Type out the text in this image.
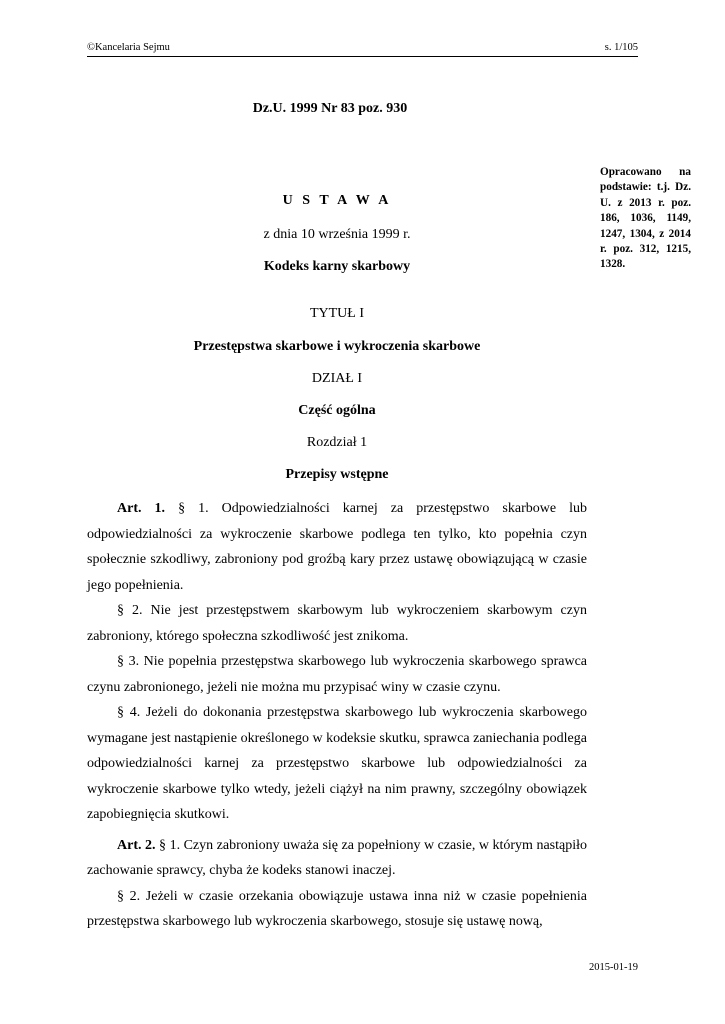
©Kancelaria Sejmu	s. 1/105
Dz.U. 1999 Nr 83 poz. 930
Opracowano na podstawie: t.j. Dz. U. z 2013 r. poz. 186, 1036, 1149, 1247, 1304, z 2014 r. poz. 312, 1215, 1328.
U S T A W A
z dnia 10 września 1999 r.
Kodeks karny skarbowy
TYTUŁ I
Przestępstwa skarbowe i wykroczenia skarbowe
DZIAŁ I
Część ogólna
Rozdział 1
Przepisy wstępne

Art. 1. § 1. Odpowiedzialności karnej za przestępstwo skarbowe lub odpowiedzialności za wykroczenie skarbowe podlega ten tylko, kto popełnia czyn społecznie szkodliwy, zabroniony pod groźbą kary przez ustawę obowiązującą w czasie jego popełnienia.

§ 2. Nie jest przestępstwem skarbowym lub wykroczeniem skarbowym czyn zabroniony, którego społeczna szkodliwość jest znikoma.

§ 3. Nie popełnia przestępstwa skarbowego lub wykroczenia skarbowego sprawca czynu zabronionego, jeżeli nie można mu przypisać winy w czasie czynu.

§ 4. Jeżeli do dokonania przestępstwa skarbowego lub wykroczenia skarbowego wymagane jest nastąpienie określonego w kodeksie skutku, sprawca zaniechania podlega odpowiedzialności karnej za przestępstwo skarbowe lub odpowiedzialności za wykroczenie skarbowe tylko wtedy, jeżeli ciążył na nim prawny, szczególny obowiązek zapobiegnięcia skutkowi.

Art. 2. § 1. Czyn zabroniony uważa się za popełniony w czasie, w którym nastąpiło zachowanie sprawcy, chyba że kodeks stanowi inaczej.

§ 2. Jeżeli w czasie orzekania obowiązuje ustawa inna niż w czasie popełnienia przestępstwa skarbowego lub wykroczenia skarbowego, stosuje się ustawę nową,

2015-01-19
